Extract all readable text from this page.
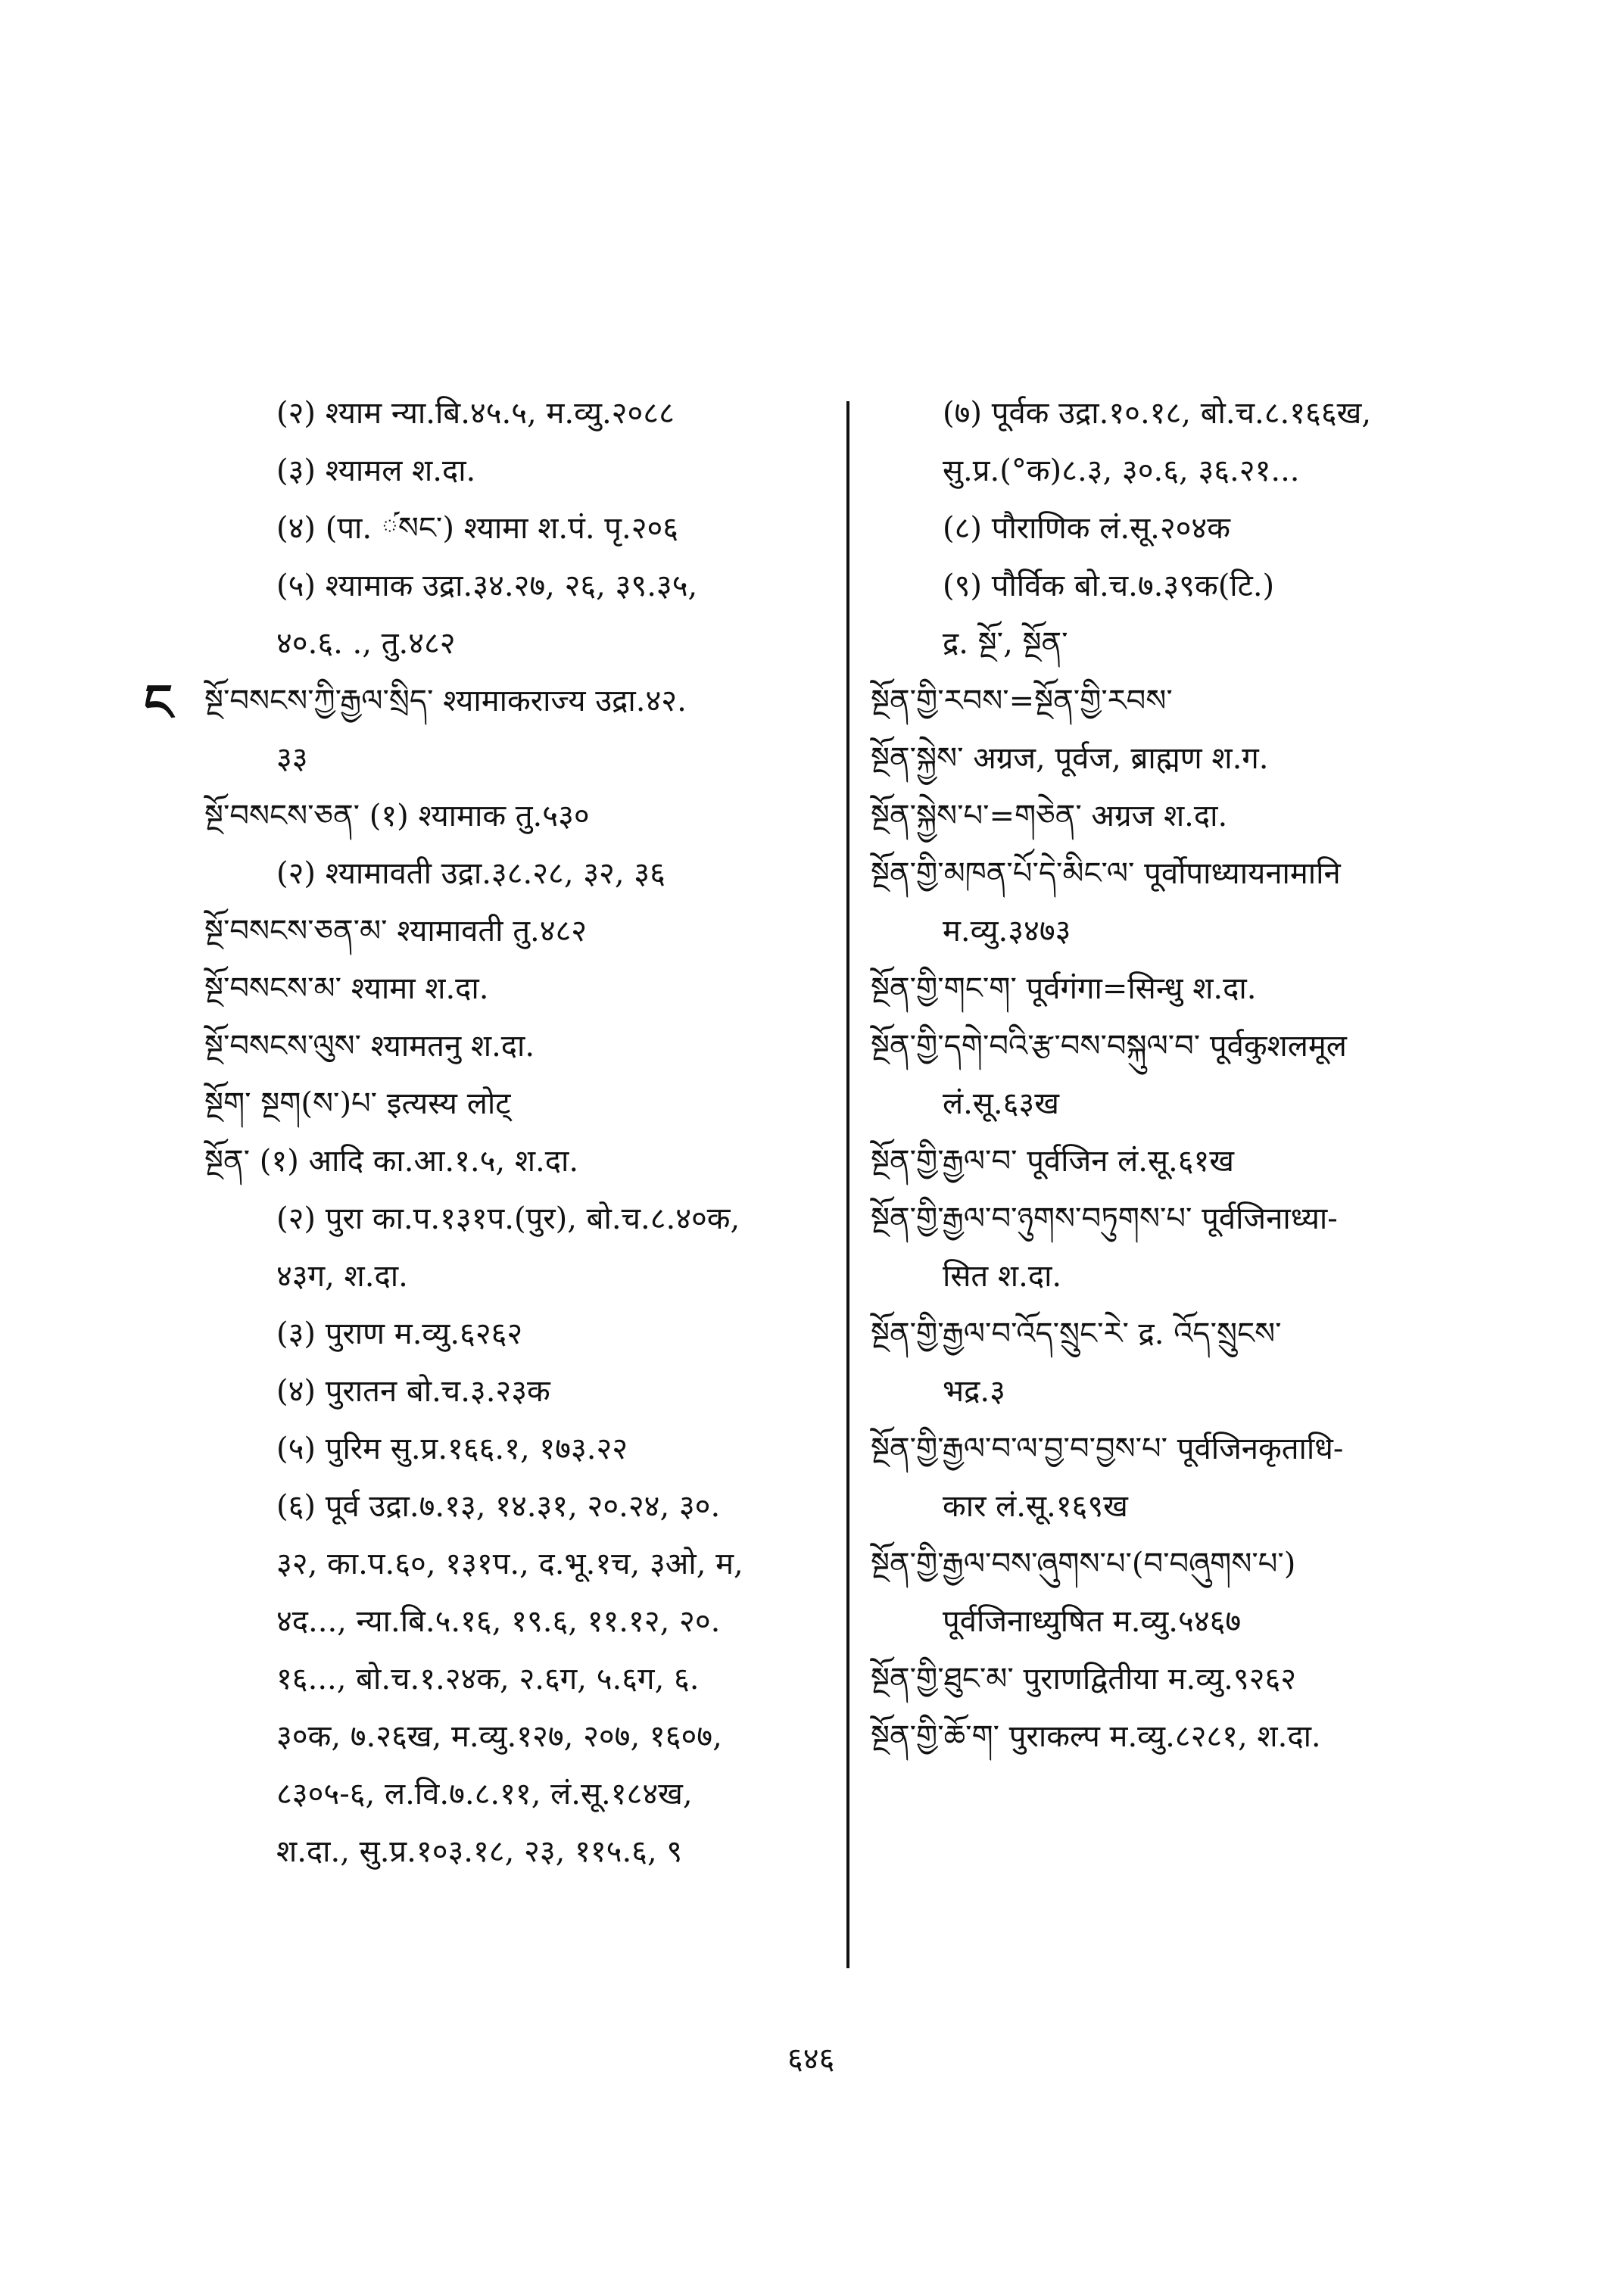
ང
(२) श्याम न्या.बि.४५.५, म.व्यु.२०८८
(३) श्यामल श.दा.
(४) (पा. ༹སང་) श्यामा श.पं. पृ.२०६
(५) श्यामाक उद्रा.३४.२७, २६, ३९.३५,
४०.६. ., तु.४८२
སྔོ་བསངས་ཀྱི་རྒྱལ་སྲིད་ श्यामाकराज्य उद्रा.४२.
३३
སྔོ་བསངས་ཅན་ (१) श्यामाक तु.५३०
(२) श्यामावती उद्रा.३८.२८, ३२, ३६
སྔོ་བསངས་ཅན་མ་ श्यामावती तु.४८२
སྔོ་བསངས་མ་ श्यामा श.दा.
སྔོ་བསངས་ལུས་ श्यामतनु श.दा.
སྔོག་ སྔག(ས་)པ་ इत्यस्य लोट्
སྔོན་ (१) आदि का.आ.१.५, श.दा.
(२) पुरा का.प.१३१प.(पुर), बो.च.८.४०क,
४३ग, श.दा.
(३) पुराण म.व्यु.६२६२
(४) पुरातन बो.च.३.२३क
(५) पुरिम सु.प्र.१६६.१, १७३.२२
(६) पूर्व उद्रा.७.१३, १४.३१, २०.२४, ३०.
३२, का.प.६०, १३१प., द.भू.१च, ३ओ, म,
४द..., न्या.बि.५.१६, १९.६, ११.१२, २०.
१६..., बो.च.१.२४क, २.६ग, ५.६ग, ६.
३०क, ७.२६ख, म.व्यु.१२७, २०७, १६०७,
८३०५-६, ल.वि.७.८.११, लं.सू.१८४ख,
श.दा., सु.प्र.१०३.१८, २३, ११५.६, ९
(७) पूर्वक उद्रा.१०.१८, बो.च.८.१६६ख,
सु.प्र.(°क)८.३, ३०.६, ३६.२१...
(८) पौराणिक लं.सू.२०४क
(९) पौर्विक बो.च.७.३९क(टि.)
द्र. སྔོ་, སྔོན་
སྔོན་གྱི་རབས་=སྔོན་གྱི་རབས་
སྔོན་སྐྱེས་ अग्रज, पूर्वज, ब्राह्मण श.ग.
སྔོན་སྐྱེས་པ་=གཅེན་ अग्रज श.दा.
སྔོན་གྱི་མཁན་པོ་དེ་མིང་ལ་ पूर्वोपाध्यायनामानि
म.व्यु.३४७३
སྔོན་གྱི་གང་ག་ पूर्वगंगा=सिन्धु श.दा.
སྔོན་གྱི་དགེ་བའི་རྩ་བས་བསྐུལ་བ་ पूर्वकुशलमूल
लं.सू.६३ख
སྔོན་གྱི་རྒྱལ་བ་ पूर्वजिन लं.सू.६१ख
སྔོན་གྱི་རྒྱལ་བ་ཉུགས་བཏུགས་པ་ पूर्वजिनाध्या-
सित श.दा.
སྔོན་གྱི་རྒྱལ་བ་འོད་སྲུང་རེ་ द्र. འོད་སྲུངས་
भद्र.३
སྔོན་གྱི་རྒྱལ་བ་ལ་བྱ་བ་བྱས་པ་ पूर्वजिनकृताधि-
कार लं.सू.१६९ख
སྔོན་གྱི་རྒྱལ་བས་ཞུགས་པ་(བ་བཞུགས་པ་)
पूर्वजिनाध्युषित म.व्यु.५४६७
སྔོན་གྱི་ཐུང་མ་ पुराणद्वितीया म.व्यु.९२६२
སྔོན་གྱི་ཆོ་ག་ पुराकल्प म.व्यु.८२८१, श.दा.
६४६
